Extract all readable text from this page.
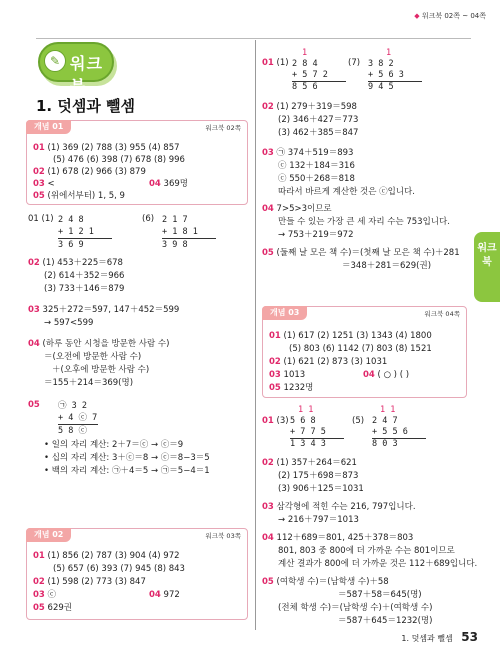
◆ 워크북 02쪽 ~ 04쪽
✎ 워크북
1. 덧셈과 뺄셈
개념 01	워크북 02쪽
01 (1) 369 (2) 788 (3) 955 (4) 857
(5) 476 (6) 398 (7) 678 (8) 996
02 (1) 678 (2) 966 (3) 879
03 <	04 369명
05 (위에서부터) 1, 5, 9
01 (1) 2 4 8
+ 1 2 1
3 6 9
(6) 2 1 7
+ 1 8 1
3 9 8
02 (1) 453＋225＝678
(2) 614＋352＝966
(3) 733＋146＝879
03 325＋272＝597, 147＋452＝599
→ 597<599
04 (하루 동안 시청을 방문한 사람 수)
＝(오전에 방문한 사람 수)
＋(오후에 방문한 사람 수)
＝155＋214＝369(명)
05 ㉠ 3 2
+ 4 ⓒ 7
5 8 ⓒ
• 일의 자리 계산: 2＋7＝ⓒ → ⓒ＝9
• 십의 자리 계산: 3＋ⓒ＝8 → ⓒ＝8−3＝5
• 백의 자리 계산: ㉠＋4＝5 → ㉠＝5−4＝1
개념 02	워크북 03쪽
01 (1) 856 (2) 787 (3) 904 (4) 972
(5) 657 (6) 393 (7) 945 (8) 843
02 (1) 598 (2) 773 (3) 847
03 ⓒ	04 972
05 629권
01 (1)
1
2 8 4
+ 5 7 2
8 5 6
(7)
1
3 8 2
+ 5 6 3
9 4 5
02 (1) 279＋319＝598
(2) 346＋427＝773
(3) 462＋385＝847
03 ㉠ 374＋519＝893
ⓒ 132＋184＝316
ⓒ 550＋268＝818
따라서 바르게 계산한 것은 ⓒ입니다.
04 7>5>3이므로
만들 수 있는 가장 큰 세 자리 수는 753입니다.
→ 753＋219＝972
05 (둘째 날 모은 책 수)＝(첫째 날 모은 책 수)＋281
＝348＋281＝629(권)
개념 03	워크북 04쪽
01 (1) 617 (2) 1251 (3) 1343 (4) 1800
(5) 803 (6) 1142 (7) 803 (8) 1521
02 (1) 621 (2) 873 (3) 1031
03 1013	04 ( ○ ) ( )
05 1232명
01 (3)
1 1
5 6 8
+ 7 7 5
1 3 4 3
(5)
1 1
2 4 7
+ 5 5 6
8 0 3
02 (1) 357＋264＝621
(2) 175＋698＝873
(3) 906＋125＝1031
03 삼각형에 적힌 수는 216, 797입니다.
→ 216＋797＝1013
04 112＋689＝801, 425＋378＝803
801, 803 중 800에 더 가까운 수는 801이므로
계산 결과가 800에 더 가까운 것은 112＋689입니다.
05 (여학생 수)＝(남학생 수)＋58
＝587＋58＝645(명)
(전체 학생 수)＝(남학생 수)＋(여학생 수)
＝587＋645＝1232(명)
워크북
1. 덧셈과 뺄셈 53
